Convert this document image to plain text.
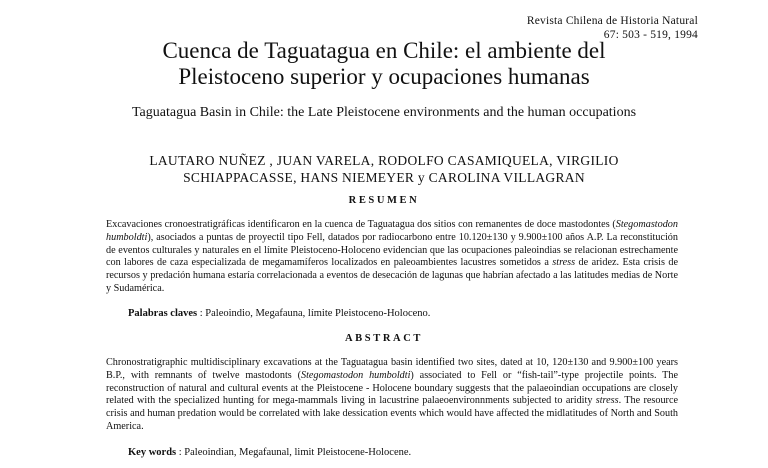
Revista Chilena de Historia Natural
67: 503 - 519, 1994
Cuenca de Taguatagua en Chile: el ambiente del
Pleistoceno superior y ocupaciones humanas
Taguatagua Basin in Chile: the Late Pleistocene environments and the human occupations
LAUTARO NUÑEZ , JUAN VARELA, RODOLFO CASAMIQUELA, VIRGILIO
SCHIAPPACASSE, HANS NIEMEYER y CAROLINA VILLAGRAN
RESUMEN
Excavaciones cronoestratigráficas identificaron en la cuenca de Taguatagua dos sitios con remanentes de doce mastodontes (Stegomastodon humboldti), asociados a puntas de proyectil tipo Fell, datados por radiocarbono entre 10.120±130 y 9.900±100 años A.P. La reconstitución de eventos culturales y naturales en el límite Pleistoceno-Holoceno evidencian que las ocupaciones paleoindias se relacionan estrechamente con labores de caza especializada de megamamíferos localizados en paleoambientes lacustres sometidos a stress de aridez. Esta crisis de recursos y predación humana estaría correlacionada a eventos de desecación de lagunas que habrían afectado a las latitudes medias de Norte y Sudamérica.
Palabras claves : Paleoindio, Megafauna, límite Pleistoceno-Holoceno.
ABSTRACT
Chronostratigraphic multidisciplinary excavations at the Taguatagua basin identified two sites, dated at 10, 120±130 and 9.900±100 years B.P., with remnants of twelve mastodonts (Stegomastodon humboldti) associated to Fell or “fish-tail”-type projectile points. The reconstruction of natural and cultural events at the Pleistocene - Holocene boundary suggests that the palaeoindian occupations are closely related with the specialized hunting for mega-mammals living in lacustrine palaeoenvironnments subjected to aridity stress. The resource crisis and human predation would be correlated with lake dessication events which would have affected the midlatitudes of North and South America.
Key words : Paleoindian, Megafaunal, limit Pleistocene-Holocene.
